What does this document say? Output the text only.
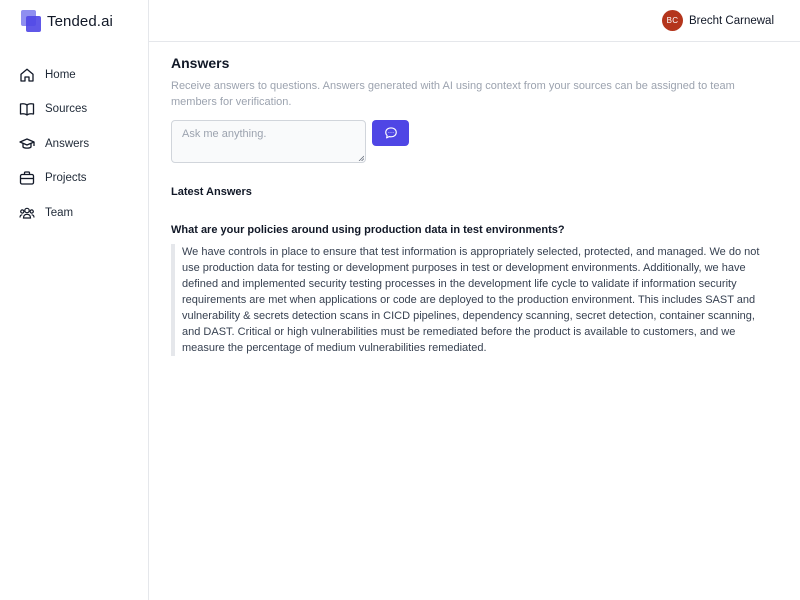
Tended.ai
Home
Sources
Answers
Projects
Team
BC Brecht Carnewal
Answers

Receive answers to questions. Answers generated with AI using context from your sources can be assigned to team members for verification.

Ask me anything.
Latest Answers
What are your policies around using production data in test environments?
We have controls in place to ensure that test information is appropriately selected, protected, and managed. We do not use production data for testing or development purposes in test or development environments. Additionally, we have defined and implemented security testing processes in the development life cycle to validate if information security requirements are met when applications or code are deployed to the production environment. This includes SAST and vulnerability & secrets detection scans in CICD pipelines, dependency scanning, secret detection, container scanning, and DAST. Critical or high vulnerabilities must be remediated before the product is available to customers, and we measure the percentage of medium vulnerabilities remediated.
